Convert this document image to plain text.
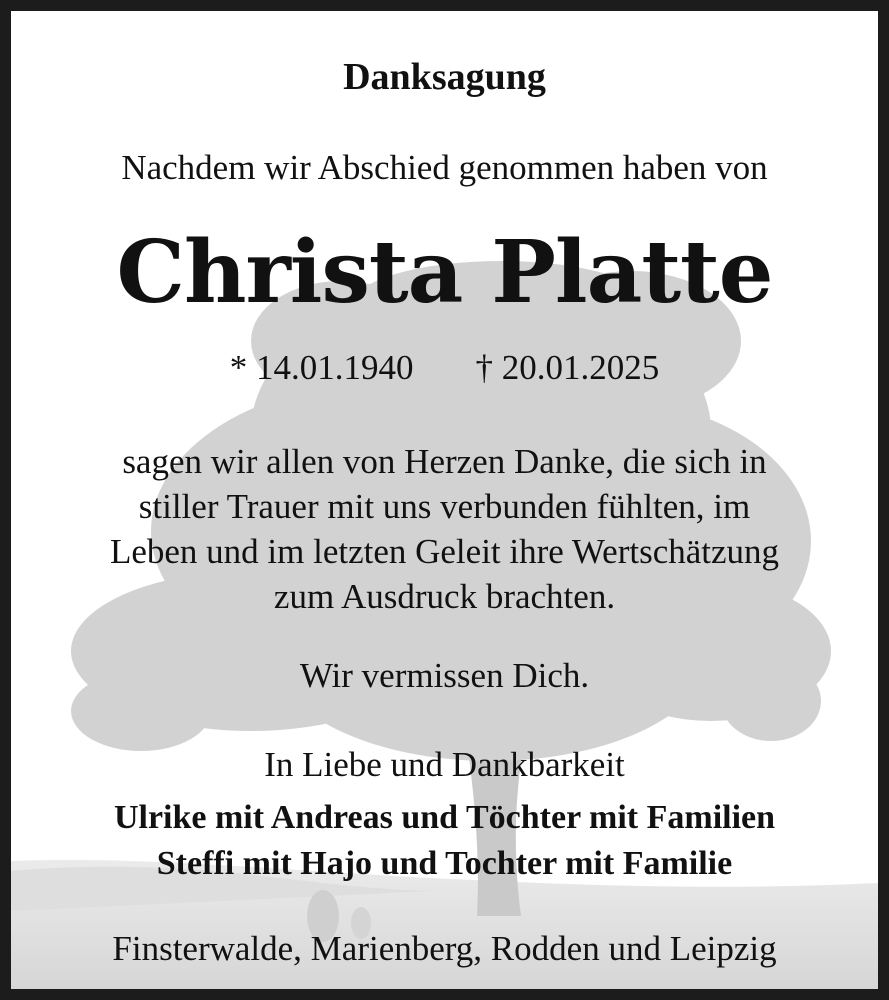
Danksagung
Nachdem wir Abschied genommen haben von
Christa Platte
* 14.01.1940 † 20.01.2025
sagen wir allen von Herzen Danke, die sich in
stiller Trauer mit uns verbunden fühlten, im
Leben und im letzten Geleit ihre Wertschätzung
zum Ausdruck brachten.
Wir vermissen Dich.
In Liebe und Dankbarkeit
Ulrike mit Andreas und Töchter mit Familien
Steffi mit Hajo und Tochter mit Familie
Finsterwalde, Marienberg, Rodden und Leipzig
